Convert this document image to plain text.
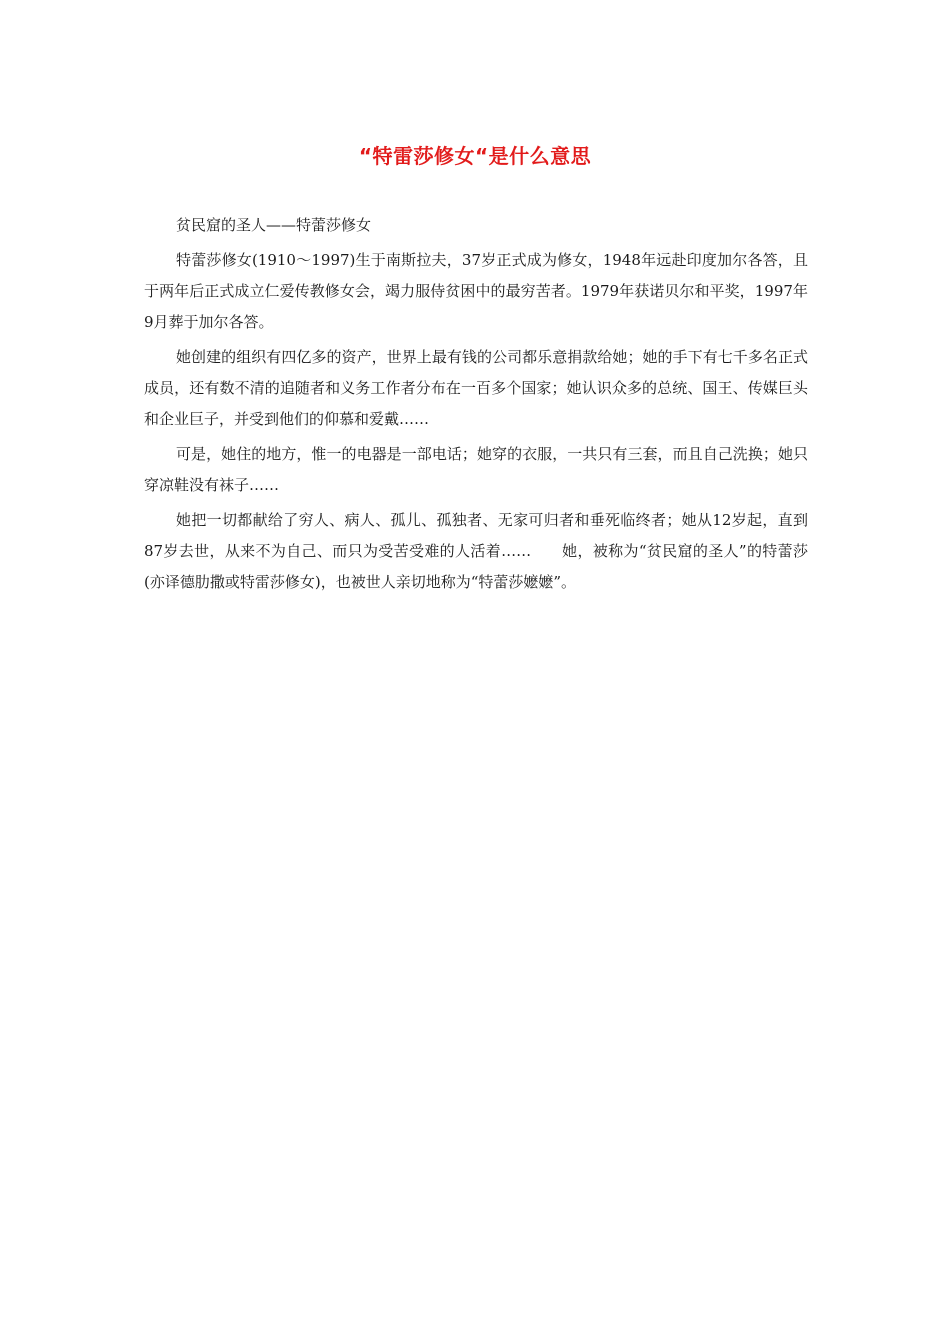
“特雷莎修女“是什么意思

贫民窟的圣人——特蕾莎修女

特蕾莎修女(1910～1997)生于南斯拉夫，37岁正式成为修女，1948年远赴印度加尔各答，且于两年后正式成立仁爱传教修女会，竭力服侍贫困中的最穷苦者。1979年获诺贝尔和平奖，1997年9月葬于加尔各答。

她创建的组织有四亿多的资产，世界上最有钱的公司都乐意捐款给她；她的手下有七千多名正式成员，还有数不清的追随者和义务工作者分布在一百多个国家；她认识众多的总统、国王、传媒巨头和企业巨子，并受到他们的仰慕和爱戴……

可是，她住的地方，惟一的电器是一部电话；她穿的衣服，一共只有三套，而且自己洗换；她只穿凉鞋没有袜子……

她把一切都献给了穷人、病人、孤儿、孤独者、无家可归者和垂死临终者；她从12岁起，直到87岁去世，从来不为自己、而只为受苦受难的人活着……　　她，被称为“贫民窟的圣人”的特蕾莎(亦译德肋撒或特雷莎修女)，也被世人亲切地称为“特蕾莎嬷嬷”。
